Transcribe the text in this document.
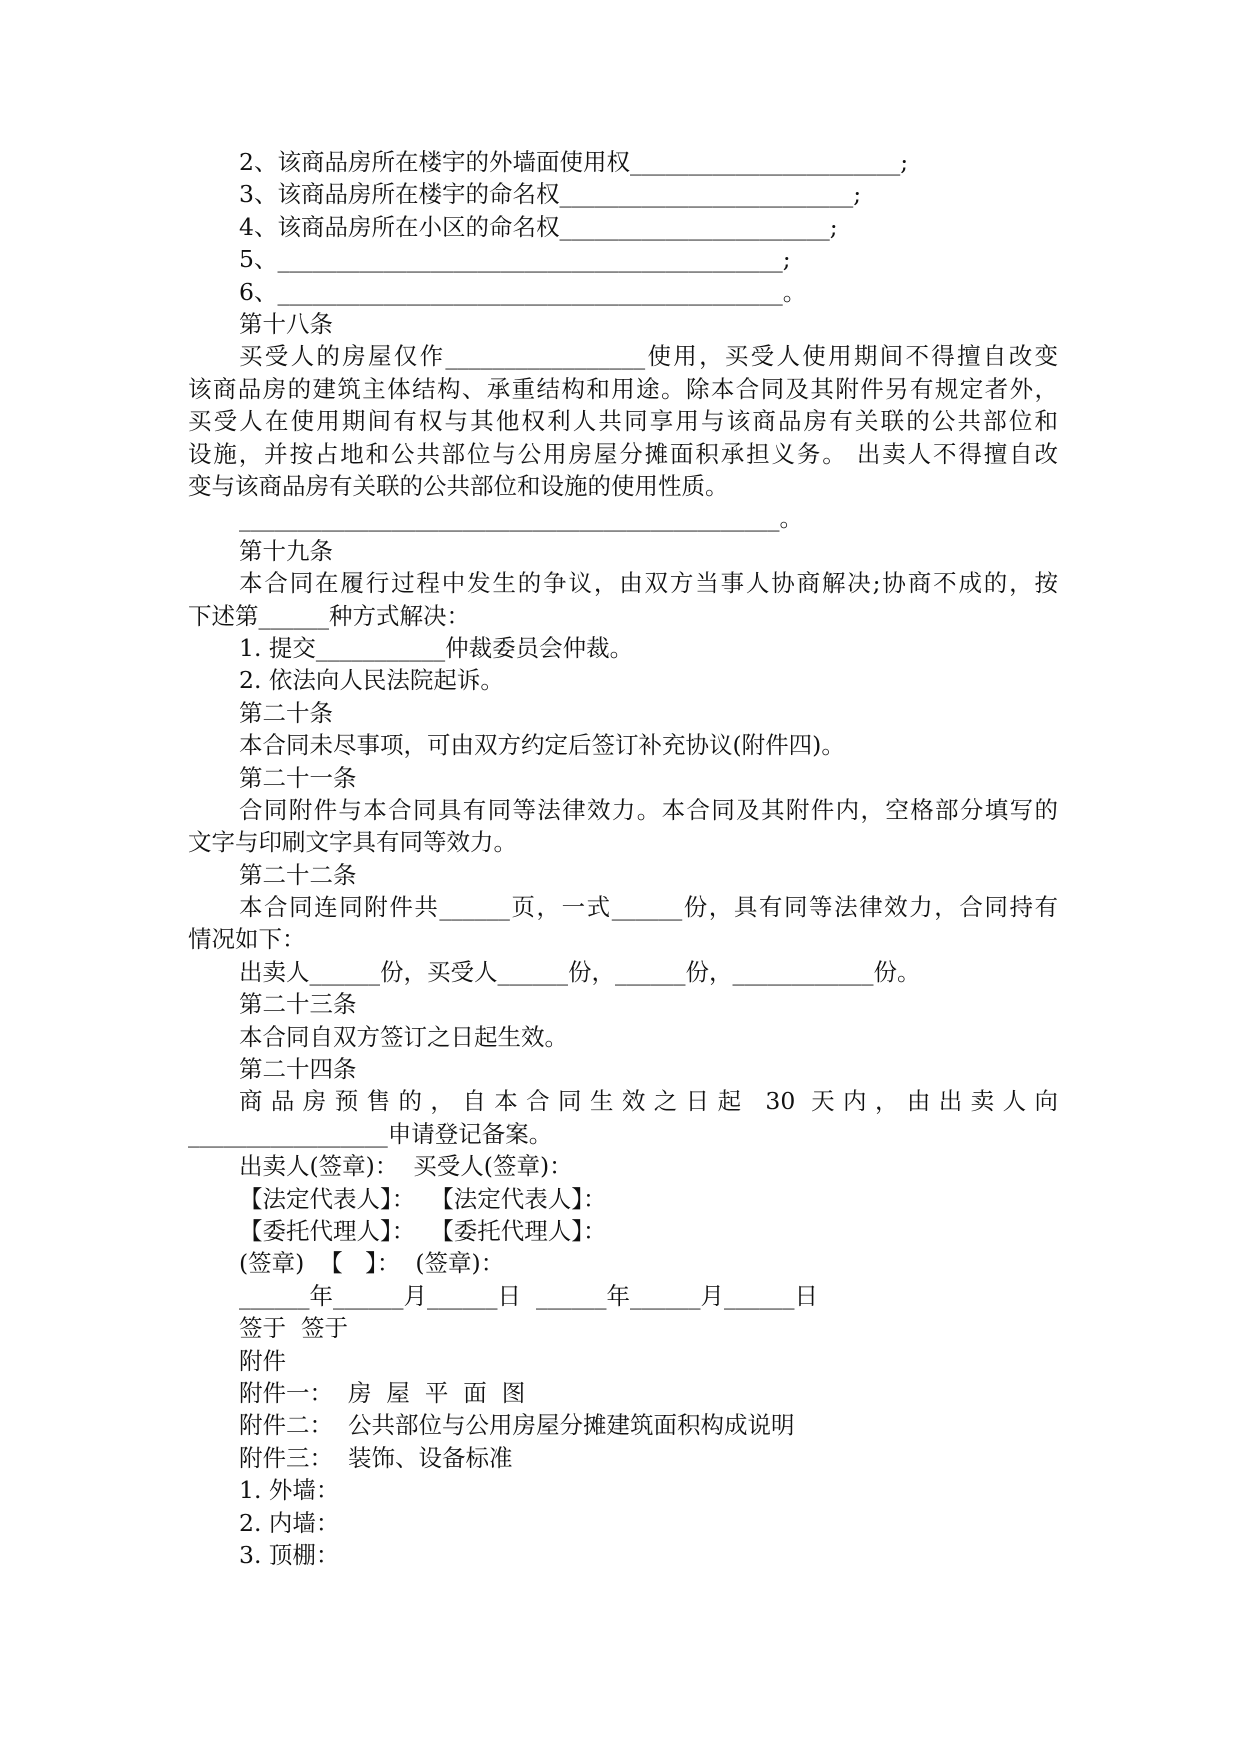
2、该商品房所在楼宇的外墙面使用权_______________________;
3、该商品房所在楼宇的命名权_________________________;
4、该商品房所在小区的命名权_______________________;
5、___________________________________________;
6、___________________________________________。
第十八条
买受人的房屋仅作_________________使用，买受人使用期间不得擅自改变
该商品房的建筑主体结构、承重结构和用途。除本合同及其附件另有规定者外，
买受人在使用期间有权与其他权利人共同享用与该商品房有关联的公共部位和
设施，并按占地和公共部位与公用房屋分摊面积承担义务。 出卖人不得擅自改
变与该商品房有关联的公共部位和设施的使用性质。
______________________________________________。
第十九条
本合同在履行过程中发生的争议，由双方当事人协商解决;协商不成的，按
下述第______种方式解决：
1. 提交___________仲裁委员会仲裁。
2. 依法向人民法院起诉。
第二十条
本合同未尽事项，可由双方约定后签订补充协议(附件四)。
第二十一条
合同附件与本合同具有同等法律效力。本合同及其附件内，空格部分填写的
文字与印刷文字具有同等效力。
第二十二条
本合同连同附件共______页，一式______份，具有同等法律效力，合同持有
情况如下：
出卖人______份，买受人______份，______份，____________份。
第二十三条
本合同自双方签订之日起生效。
第二十四条
商品房预售的，自本合同生效之日起 30 天内，由出卖人向
_________________申请登记备案。
出卖人(签章)：  买受人(签章)：
【法定代表人】：  【法定代表人】：
【委托代理人】：  【委托代理人】：
(签章)  【   】：  (签章)：
______年______月______日  ______年______月______日
签于  签于
附件
附件一：  房  屋  平  面  图
附件二：  公共部位与公用房屋分摊建筑面积构成说明
附件三：  装饰、设备标准
1. 外墙：
2. 内墙：
3. 顶棚：
